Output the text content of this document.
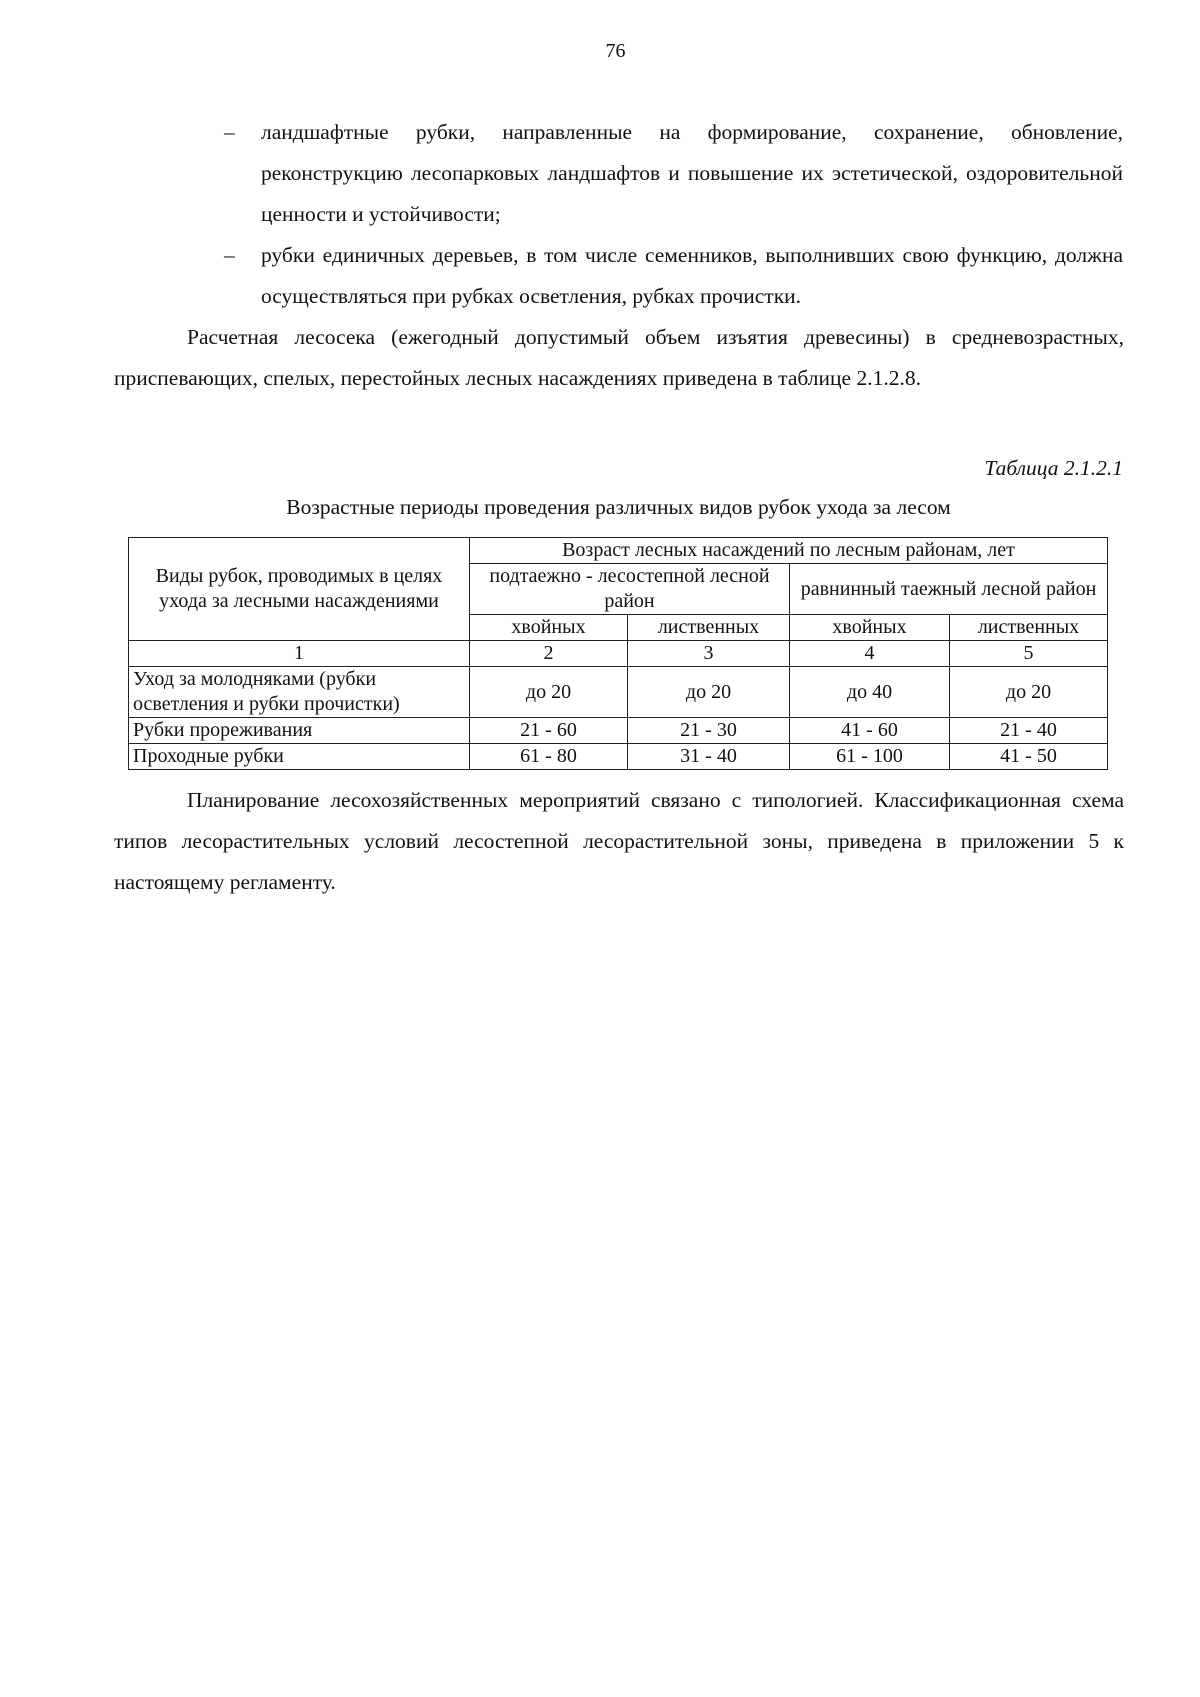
76
– ландшафтные рубки, направленные на формирование, сохранение, обновление, реконструкцию лесопарковых ландшафтов и повышение их эстетической, оздоровительной ценности и устойчивости;
– рубки единичных деревьев, в том числе семенников, выполнивших свою функцию, должна осуществляться при рубках осветления, рубках прочистки.
Расчетная лесосека (ежегодный допустимый объем изъятия древесины) в средневозрастных, приспевающих, спелых, перестойных лесных насаждениях приведена в таблице 2.1.2.8.
Таблица 2.1.2.1
Возрастные периоды проведения различных видов рубок ухода за лесом
Виды рубок, проводимых в целях ухода за лесными насаждениями	Возраст лесных насаждений по лесным районам, лет			
	подтаежно - лесостепной лесной район		равнинный таежный лесной район	
	хвойных	лиственных	хвойных	лиственных
1	2	3	4	5
Уход за молодняками (рубки осветления и рубки прочистки)	до 20	до 20	до 40	до 20
Рубки прореживания	21 - 60	21 - 30	41 - 60	21 - 40
Проходные рубки	61 - 80	31 - 40	61 - 100	41 - 50
Планирование лесохозяйственных мероприятий связано с типологией. Классификационная схема типов лесорастительных условий лесостепной лесорастительной зоны, приведена в приложении 5 к настоящему регламенту.
